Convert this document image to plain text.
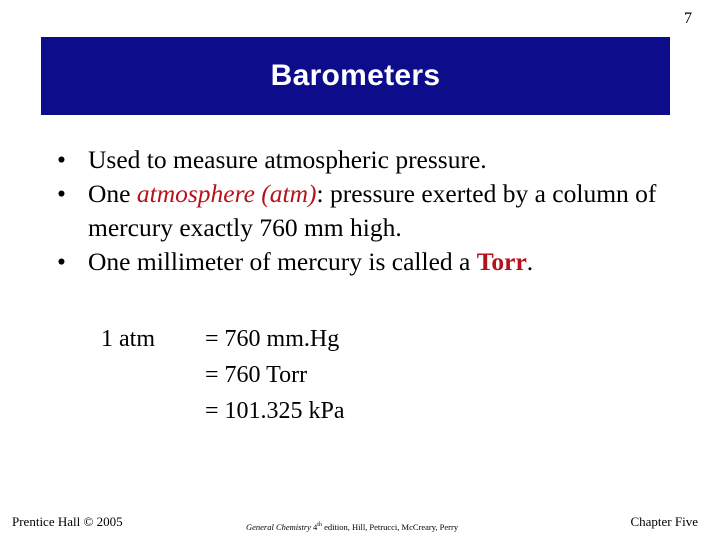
7
Barometers
• Used to measure atmospheric pressure.
• One atmosphere (atm): pressure exerted by a column of mercury exactly 760 mm high.
• One millimeter of mercury is called a Torr.
1 atm	= 760 mm.Hg
= 760 Torr
= 101.325 kPa
Prentice Hall © 2005	General Chemistry 4th edition, Hill, Petrucci, McCreary, Perry	Chapter Five
